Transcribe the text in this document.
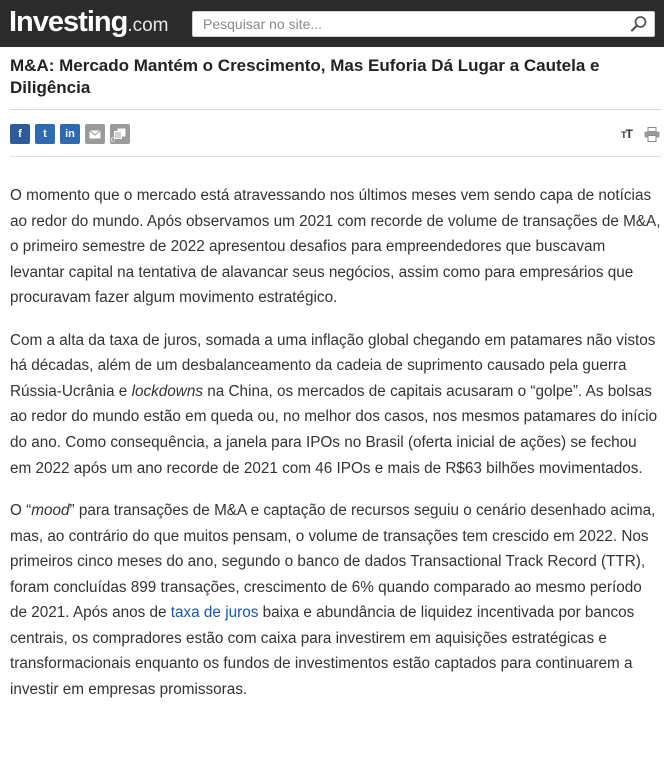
Investing.com
Pesquisar no site...
M&A: Mercado Mantém o Crescimento, Mas Euforia Dá Lugar a Cautela e Diligência
f t in
0
TT

O momento que o mercado está atravessando nos últimos meses vem sendo capa de notícias ao redor do mundo. Após observamos um 2021 com recorde de volume de transações de M&A, o primeiro semestre de 2022 apresentou desafios para empreendedores que buscavam levantar capital na tentativa de alavancar seus negócios, assim como para empresários que procuravam fazer algum movimento estratégico.

Com a alta da taxa de juros, somada a uma inflação global chegando em patamares não vistos há décadas, além de um desbalanceamento da cadeia de suprimento causado pela guerra Rússia-Ucrânia e lockdowns na China, os mercados de capitais acusaram o “golpe”. As bolsas ao redor do mundo estão em queda ou, no melhor dos casos, nos mesmos patamares do início do ano. Como consequência, a janela para IPOs no Brasil (oferta inicial de ações) se fechou em 2022 após um ano recorde de 2021 com 46 IPOs e mais de R$63 bilhões movimentados.

O “mood” para transações de M&A e captação de recursos seguiu o cenário desenhado acima, mas, ao contrário do que muitos pensam, o volume de transações tem crescido em 2022. Nos primeiros cinco meses do ano, segundo o banco de dados Transactional Track Record (TTR), foram concluídas 899 transações, crescimento de 6% quando comparado ao mesmo período de 2021. Após anos de taxa de juros baixa e abundância de liquidez incentivada por bancos centrais, os compradores estão com caixa para investirem em aquisições estratégicas e transformacionais enquanto os fundos de investimentos estão captados para continuarem a investir em empresas promissoras.
